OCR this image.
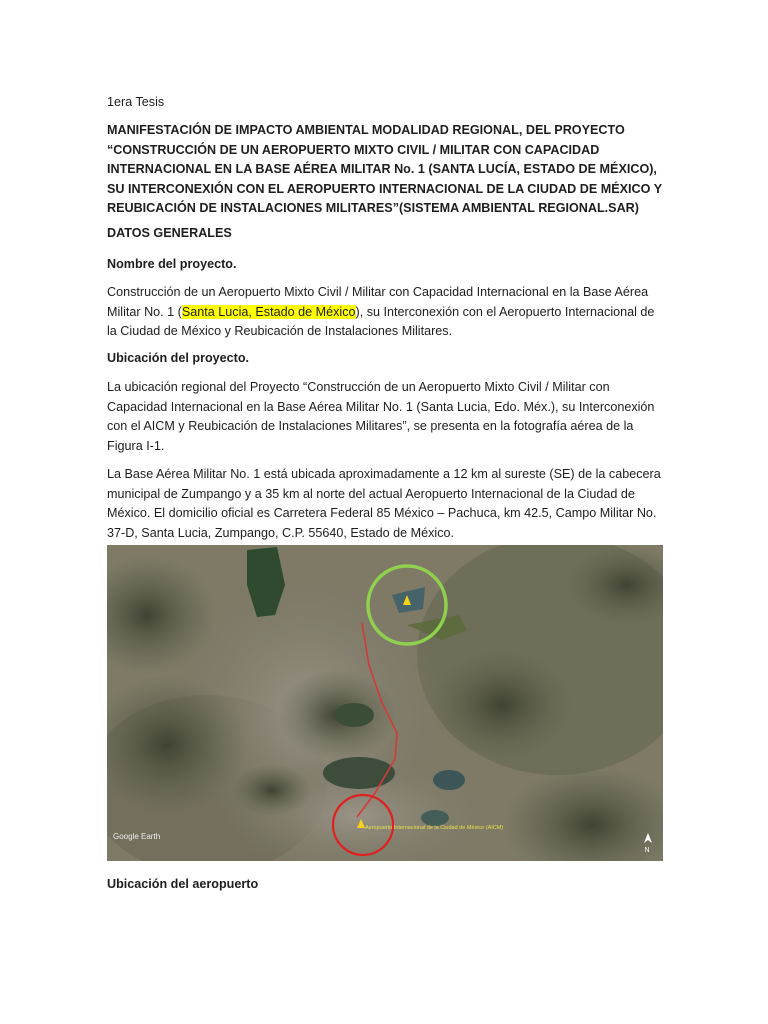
1era Tesis

MANIFESTACIÓN DE IMPACTO AMBIENTAL MODALIDAD REGIONAL, DEL PROYECTO “CONSTRUCCIÓN DE UN AEROPUERTO MIXTO CIVIL / MILITAR CON CAPACIDAD INTERNACIONAL EN LA BASE AÉREA MILITAR No. 1 (SANTA LUCÍA, ESTADO DE MÉXICO), SU INTERCONEXIÓN CON EL AEROPUERTO INTERNACIONAL DE LA CIUDAD DE MÉXICO Y REUBICACIÓN DE INSTALACIONES MILITARES”(SISTEMA AMBIENTAL REGIONAL.SAR)

DATOS GENERALES

Nombre del proyecto.

Construcción de un Aeropuerto Mixto Civil / Militar con Capacidad Internacional en la Base Aérea Militar No. 1 (Santa Lucia, Estado de México), su Interconexión con el Aeropuerto Internacional de la Ciudad de México y Reubicación de Instalaciones Militares.

Ubicación del proyecto.

La ubicación regional del Proyecto “Construcción de un Aeropuerto Mixto Civil / Militar con Capacidad Internacional en la Base Aérea Militar No. 1 (Santa Lucia, Edo. Méx.), su Interconexión con el AICM y Reubicación de Instalaciones Militares”, se presenta en la fotografía aérea de la Figura I-1.

La Base Aérea Militar No. 1 está ubicada aproximadamente a 12 km al sureste (SE) de la cabecera municipal de Zumpango y a 35 km al norte del actual Aeropuerto Internacional de la Ciudad de México. El domicilio oficial es Carretera Federal 85 México – Pachuca, km 42.5, Campo Militar No. 37-D, Santa Lucia, Zumpango, C.P. 55640, Estado de México.

Aeropuerto Internacional de la Ciudad de México (AICM)
Google Earth
N

Ubicación del aeropuerto
